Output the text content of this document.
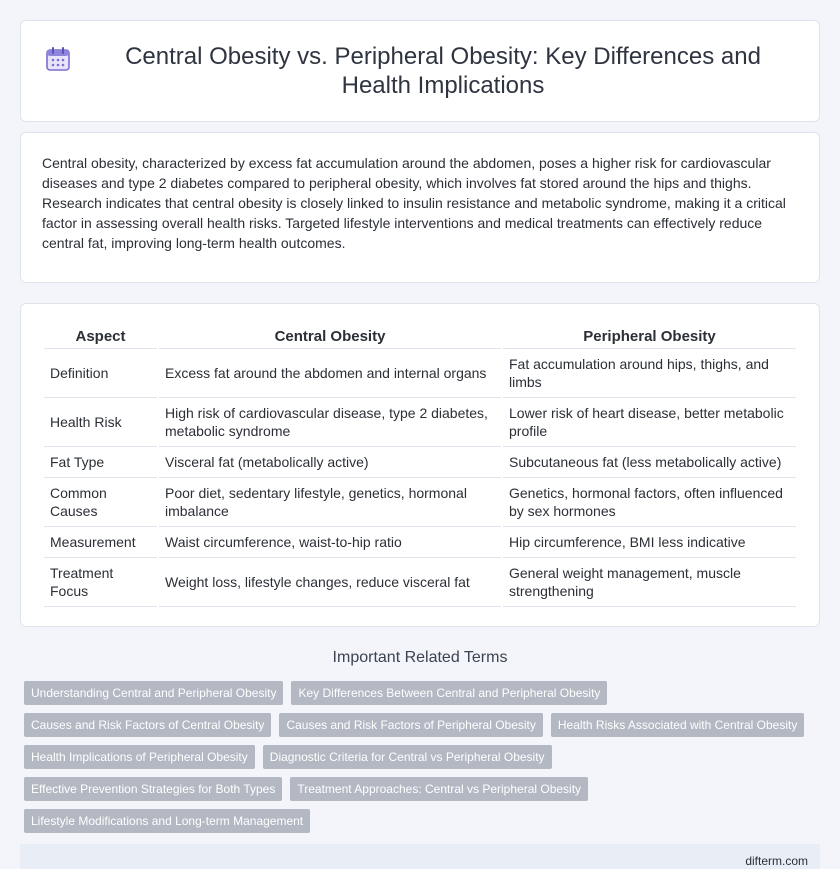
Central Obesity vs. Peripheral Obesity: Key Differences and Health Implications

Central obesity, characterized by excess fat accumulation around the abdomen, poses a higher risk for cardiovascular diseases and type 2 diabetes compared to peripheral obesity, which involves fat stored around the hips and thighs. Research indicates that central obesity is closely linked to insulin resistance and metabolic syndrome, making it a critical factor in assessing overall health risks. Targeted lifestyle interventions and medical treatments can effectively reduce central fat, improving long-term health outcomes.

Aspect	Central Obesity	Peripheral Obesity
Definition	Excess fat around the abdomen and internal organs	Fat accumulation around hips, thighs, and limbs
Health Risk	High risk of cardiovascular disease, type 2 diabetes, metabolic syndrome	Lower risk of heart disease, better metabolic profile
Fat Type	Visceral fat (metabolically active)	Subcutaneous fat (less metabolically active)
Common Causes	Poor diet, sedentary lifestyle, genetics, hormonal imbalance	Genetics, hormonal factors, often influenced by sex hormones
Measurement	Waist circumference, waist-to-hip ratio	Hip circumference, BMI less indicative
Treatment Focus	Weight loss, lifestyle changes, reduce visceral fat	General weight management, muscle strengthening
Important Related Terms
Understanding Central and Peripheral Obesity	Key Differences Between Central and Peripheral Obesity
Causes and Risk Factors of Central Obesity	Causes and Risk Factors of Peripheral Obesity	Health Risks Associated with Central Obesity
Health Implications of Peripheral Obesity	Diagnostic Criteria for Central vs Peripheral Obesity
Effective Prevention Strategies for Both Types	Treatment Approaches: Central vs Peripheral Obesity
Lifestyle Modifications and Long-term Management
difterm.com
